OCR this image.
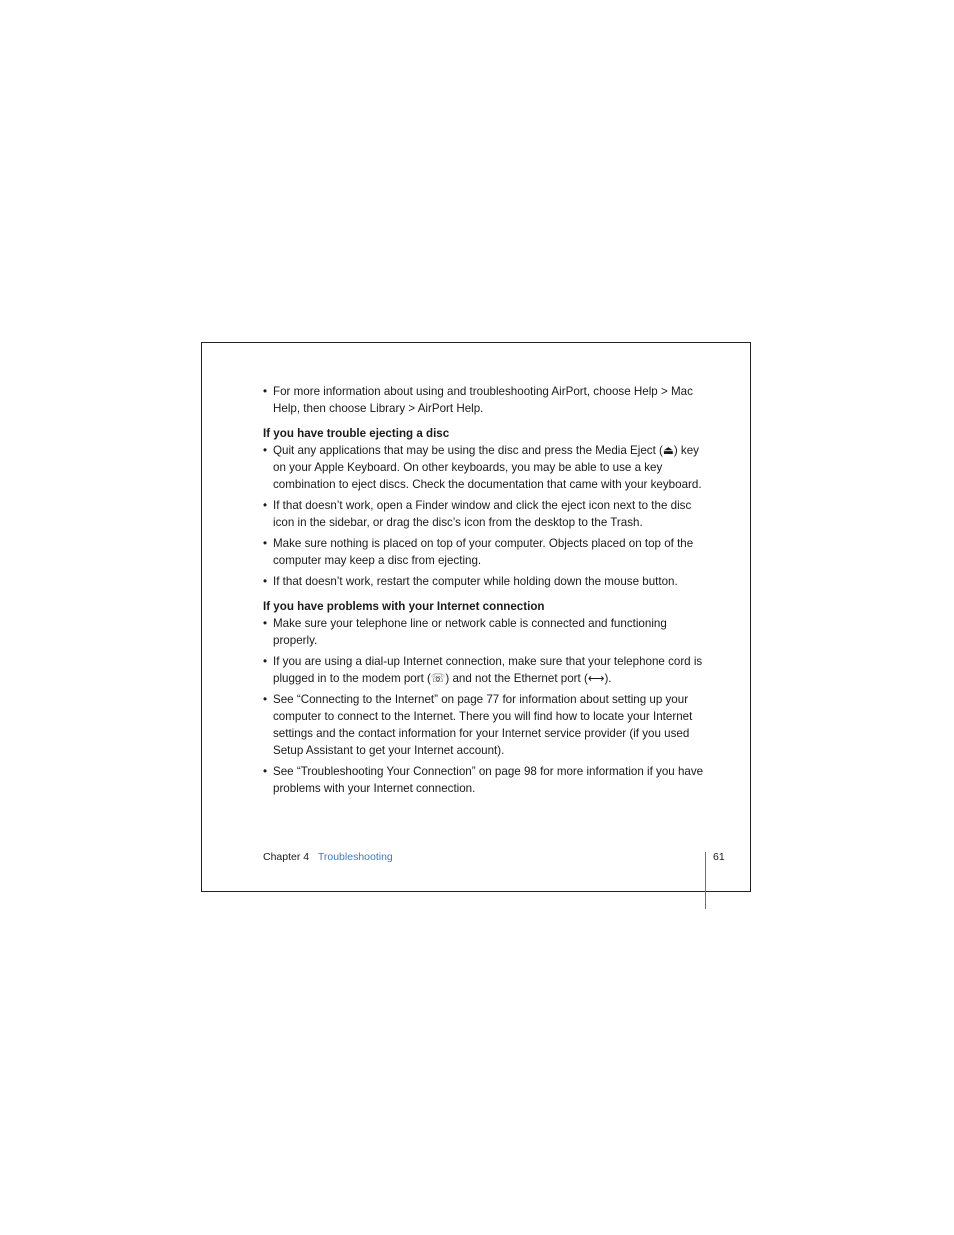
• For more information about using and troubleshooting AirPort, choose Help > Mac Help, then choose Library > AirPort Help.
If you have trouble ejecting a disc
• Quit any applications that may be using the disc and press the Media Eject (⏏) key on your Apple Keyboard. On other keyboards, you may be able to use a key combination to eject discs. Check the documentation that came with your keyboard.
• If that doesn’t work, open a Finder window and click the eject icon next to the disc icon in the sidebar, or drag the disc’s icon from the desktop to the Trash.
• Make sure nothing is placed on top of your computer. Objects placed on top of the computer may keep a disc from ejecting.
• If that doesn’t work, restart the computer while holding down the mouse button.
If you have problems with your Internet connection
• Make sure your telephone line or network cable is connected and functioning properly.
• If you are using a dial-up Internet connection, make sure that your telephone cord is plugged in to the modem port (☏) and not the Ethernet port (⟷).
• See “Connecting to the Internet” on page 77 for information about setting up your computer to connect to the Internet. There you will find how to locate your Internet settings and the contact information for your Internet service provider (if you used Setup Assistant to get your Internet account).
• See “Troubleshooting Your Connection” on page 98 for more information if you have problems with your Internet connection.
Chapter 4 Troubleshooting	61
